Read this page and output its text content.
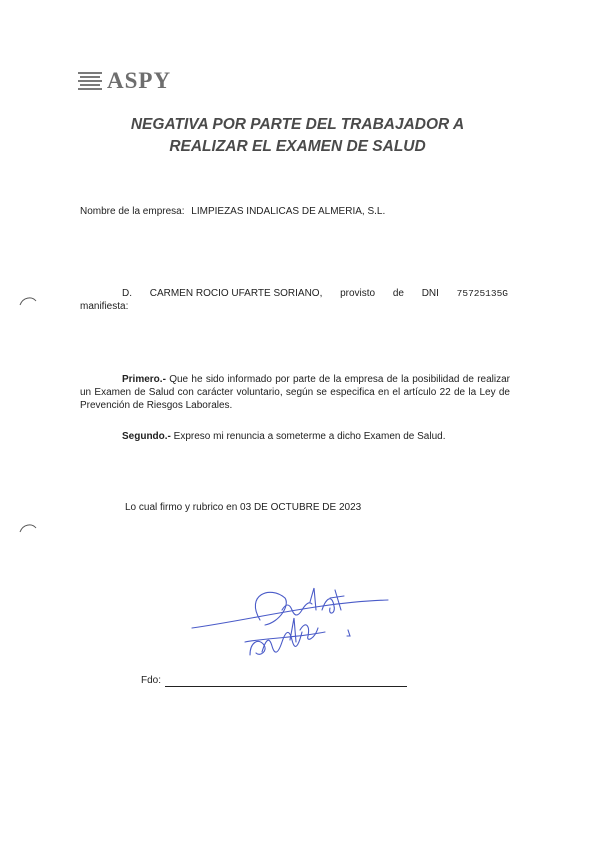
ASPY
NEGATIVA POR PARTE DEL TRABAJADOR A
REALIZAR EL EXAMEN DE SALUD
Nombre de la empresa: LIMPIEZAS INDALICAS DE ALMERIA, S.L.
D. CARMEN ROCIO UFARTE SORIANO, provisto de DNI 75725135G
manifiesta:
Primero.- Que he sido informado por parte de la empresa de la posibilidad de realizar un Examen de Salud con carácter voluntario, según se especifica en el artículo 22 de la Ley de Prevención de Riesgos Laborales.
Segundo.- Expreso mi renuncia a someterme a dicho Examen de Salud.
Lo cual firmo y rubrico en 03 DE OCTUBRE DE 2023
Fdo:
